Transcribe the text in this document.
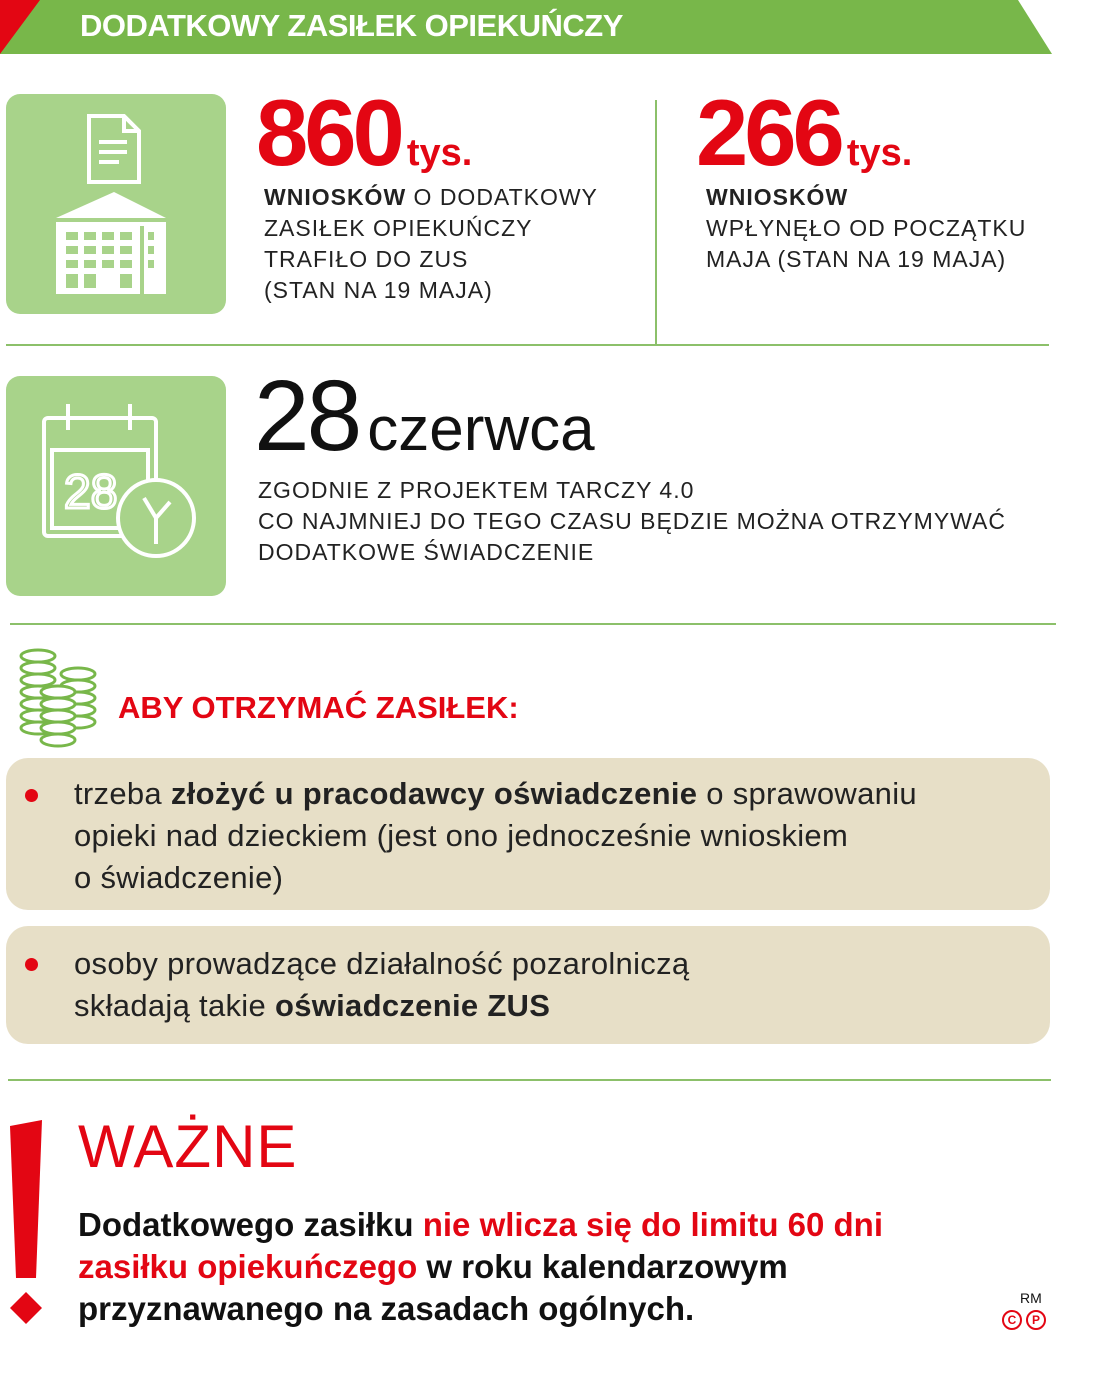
DODATKOWY ZASIŁEK OPIEKUŃCZY
860 tys.
WNIOSKÓW O DODATKOWY
ZASIŁEK OPIEKUŃCZY
TRAFIŁO DO ZUS
(STAN NA 19 MAJA)
266 tys.
WNIOSKÓW
WPŁYNĘŁO OD POCZĄTKU
MAJA (STAN NA 19 MAJA)
28
28 czerwca
ZGODNIE Z PROJEKTEM TARCZY 4.0
CO NAJMNIEJ DO TEGO CZASU BĘDZIE MOŻNA OTRZYMYWAĆ
DODATKOWE ŚWIADCZENIE
ABY OTRZYMAĆ ZASIŁEK:
trzeba złożyć u pracodawcy oświadczenie o sprawowaniu
opieki nad dzieckiem (jest ono jednocześnie wnioskiem
o świadczenie)
osoby prowadzące działalność pozarolniczą
składają takie oświadczenie ZUS
WAŻNE
Dodatkowego zasiłku nie wlicza się do limitu 60 dni
zasiłku opiekuńczego w roku kalendarzowym
przyznawanego na zasadach ogólnych.	RM
C	P
